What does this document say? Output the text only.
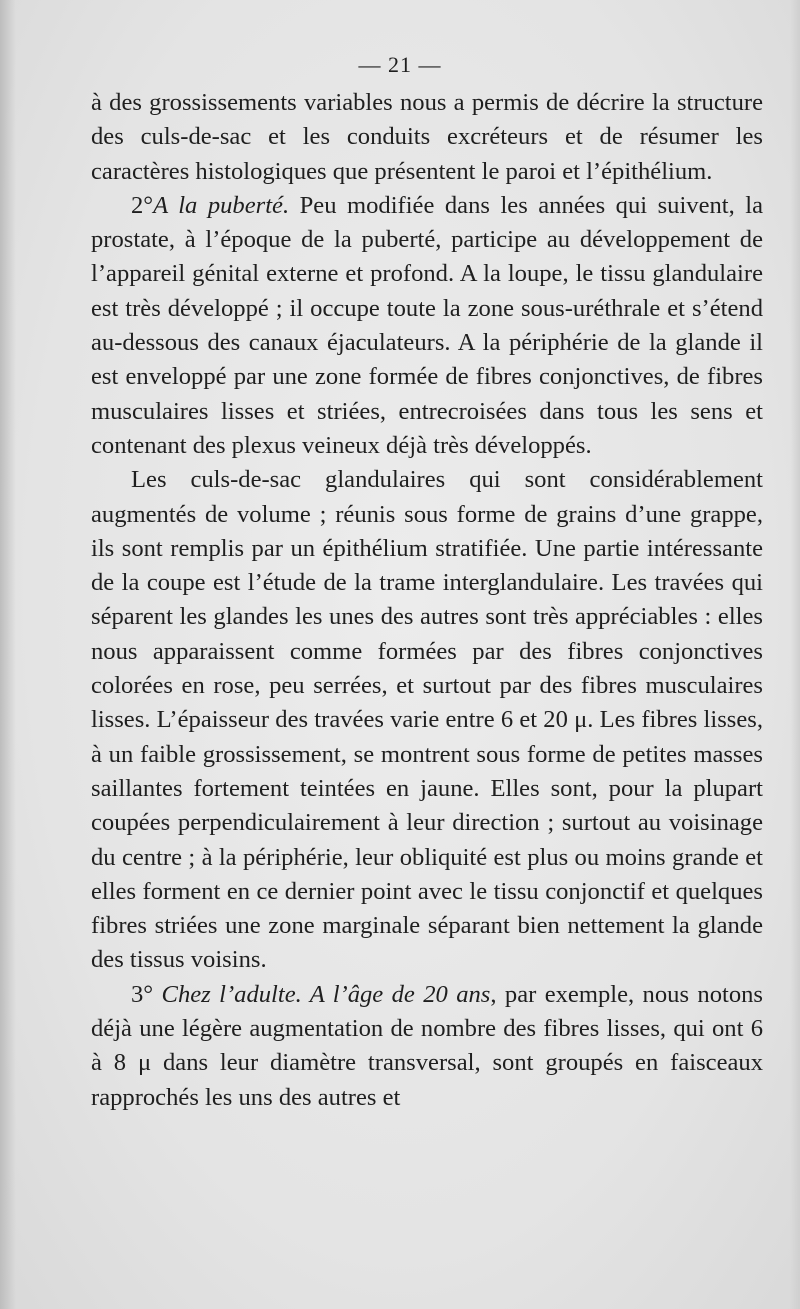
— 21 —

à des grossissements variables nous a permis de décrire la structure des culs-de-sac et les conduits excréteurs et de résumer les caractères histologiques que présentent le paroi et l’épithélium.

2°A la puberté. Peu modifiée dans les années qui suivent, la prostate, à l’époque de la puberté, participe au développement de l’appareil génital externe et profond. A la loupe, le tissu glandulaire est très développé ; il occupe toute la zone sous-uréthrale et s’étend au-dessous des canaux éjaculateurs. A la périphérie de la glande il est enveloppé par une zone formée de fibres conjonctives, de fibres musculaires lisses et striées, entrecroisées dans tous les sens et contenant des plexus veineux déjà très développés.

Les culs-de-sac glandulaires qui sont considérablement augmentés de volume ; réunis sous forme de grains d’une grappe, ils sont remplis par un épithélium stratifiée. Une partie intéressante de la coupe est l’étude de la trame interglandulaire. Les travées qui séparent les glandes les unes des autres sont très appréciables : elles nous apparaissent comme formées par des fibres conjonctives colorées en rose, peu serrées, et surtout par des fibres musculaires lisses. L’épaisseur des travées varie entre 6 et 20 μ. Les fibres lisses, à un faible grossissement, se montrent sous forme de petites masses saillantes fortement teintées en jaune. Elles sont, pour la plupart coupées perpendiculairement à leur direction ; surtout au voisinage du centre ; à la périphérie, leur obliquité est plus ou moins grande et elles forment en ce dernier point avec le tissu conjonctif et quelques fibres striées une zone marginale séparant bien nettement la glande des tissus voisins.

3° Chez l’adulte. A l’âge de 20 ans, par exemple, nous notons déjà une légère augmentation de nombre des fibres lisses, qui ont 6 à 8 μ dans leur diamètre transversal, sont groupés en faisceaux rapprochés les uns des autres et
